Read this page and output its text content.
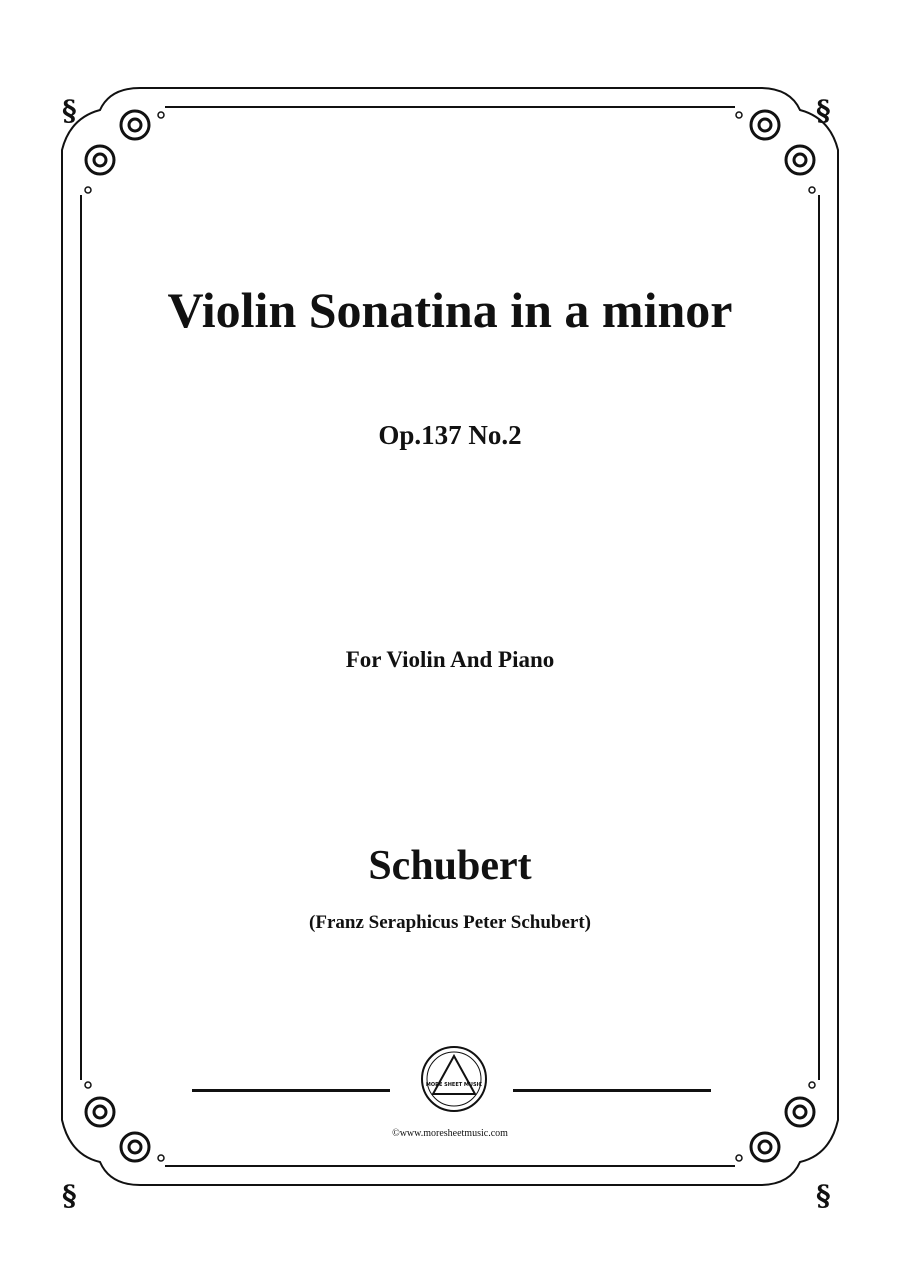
§	§
§	§
Violin Sonatina in a minor
Op.137 No.2
For Violin And Piano
Schubert
(Franz Seraphicus Peter Schubert)
MORE SHEET MUSIC
©www.moresheetmusic.com
